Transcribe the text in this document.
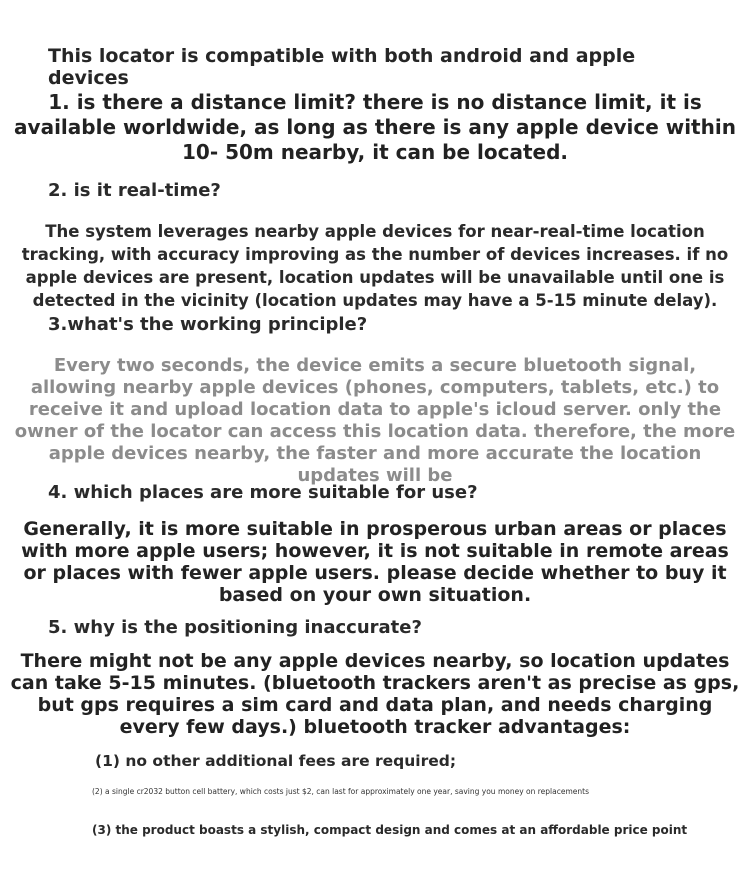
This locator is compatible with both android and apple devices

1. is there a distance limit? there is no distance limit, it is available worldwide, as long as there is any apple device within 10- 50m nearby, it can be located.

2. is it real-time?

The system leverages nearby apple devices for near-real-time location tracking, with accuracy improving as the number of devices increases. if no apple devices are present, location updates will be unavailable until one is detected in the vicinity (location updates may have a 5-15 minute delay).

3.what's the working principle?

Every two seconds, the device emits a secure bluetooth signal, allowing nearby apple devices (phones, computers, tablets, etc.) to receive it and upload location data to apple's icloud server. only the owner of the locator can access this location data. therefore, the more apple devices nearby, the faster and more accurate the location updates will be

4. which places are more suitable for use?

Generally, it is more suitable in prosperous urban areas or places with more apple users; however, it is not suitable in remote areas or places with fewer apple users. please decide whether to buy it based on your own situation.

5. why is the positioning inaccurate?

There might not be any apple devices nearby, so location updates can take 5-15 minutes. (bluetooth trackers aren't as precise as gps, but gps requires a sim card and data plan, and needs charging every few days.) bluetooth tracker advantages:

(1) no other additional fees are required;

(2) a single cr2032 button cell battery, which costs just $2, can last for approximately one year, saving you money on replacements

(3) the product boasts a stylish, compact design and comes at an affordable price point
